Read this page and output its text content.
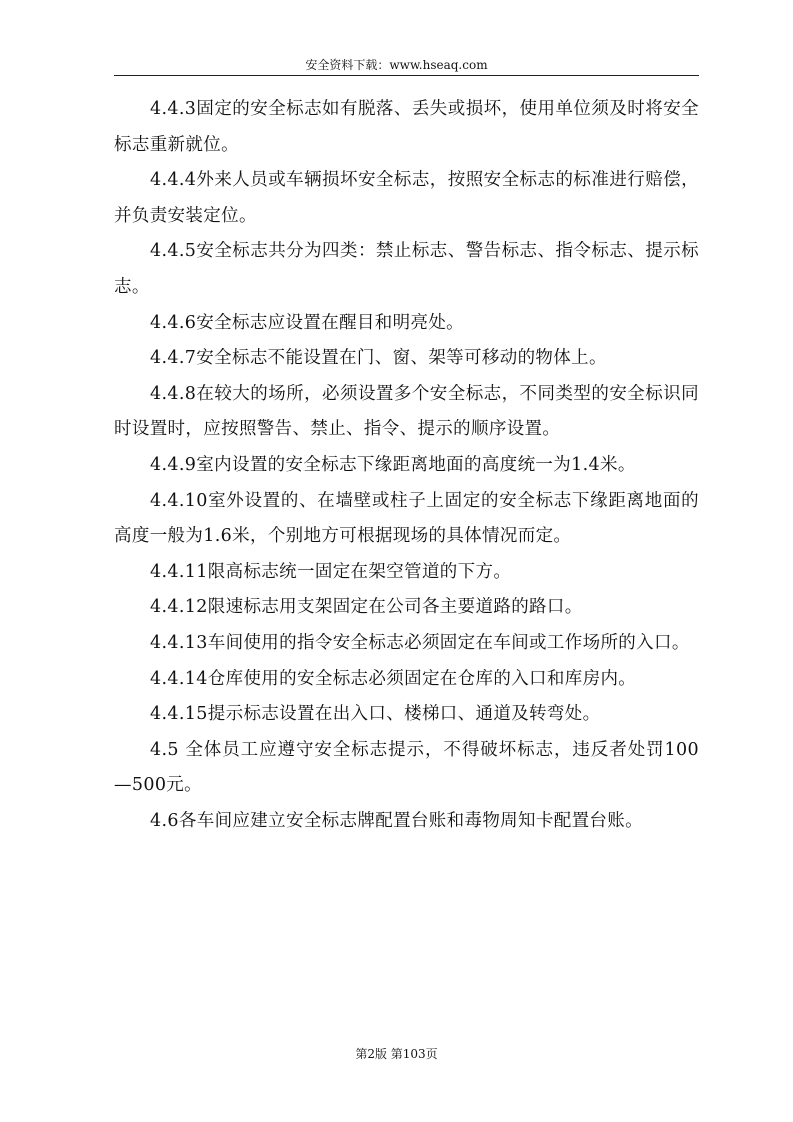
安全资料下载：www.hseaq.com

4.4.3固定的安全标志如有脱落、丢失或损坏，使用单位须及时将安全标志重新就位。

4.4.4外来人员或车辆损坏安全标志，按照安全标志的标准进行赔偿，并负责安装定位。

4.4.5安全标志共分为四类：禁止标志、警告标志、指令标志、提示标志。

4.4.6安全标志应设置在醒目和明亮处。

4.4.7安全标志不能设置在门、窗、架等可移动的物体上。

4.4.8在较大的场所，必须设置多个安全标志，不同类型的安全标识同时设置时，应按照警告、禁止、指令、提示的顺序设置。

4.4.9室内设置的安全标志下缘距离地面的高度统一为1.4米。

4.4.10室外设置的、在墙壁或柱子上固定的安全标志下缘距离地面的高度一般为1.6米，个别地方可根据现场的具体情况而定。

4.4.11限高标志统一固定在架空管道的下方。

4.4.12限速标志用支架固定在公司各主要道路的路口。

4.4.13车间使用的指令安全标志必须固定在车间或工作场所的入口。

4.4.14仓库使用的安全标志必须固定在仓库的入口和库房内。

4.4.15提示标志设置在出入口、楼梯口、通道及转弯处。

4.5 全体员工应遵守安全标志提示，不得破坏标志，违反者处罚100—500元。

4.6各车间应建立安全标志牌配置台账和毒物周知卡配置台账。

第2版 第103页
